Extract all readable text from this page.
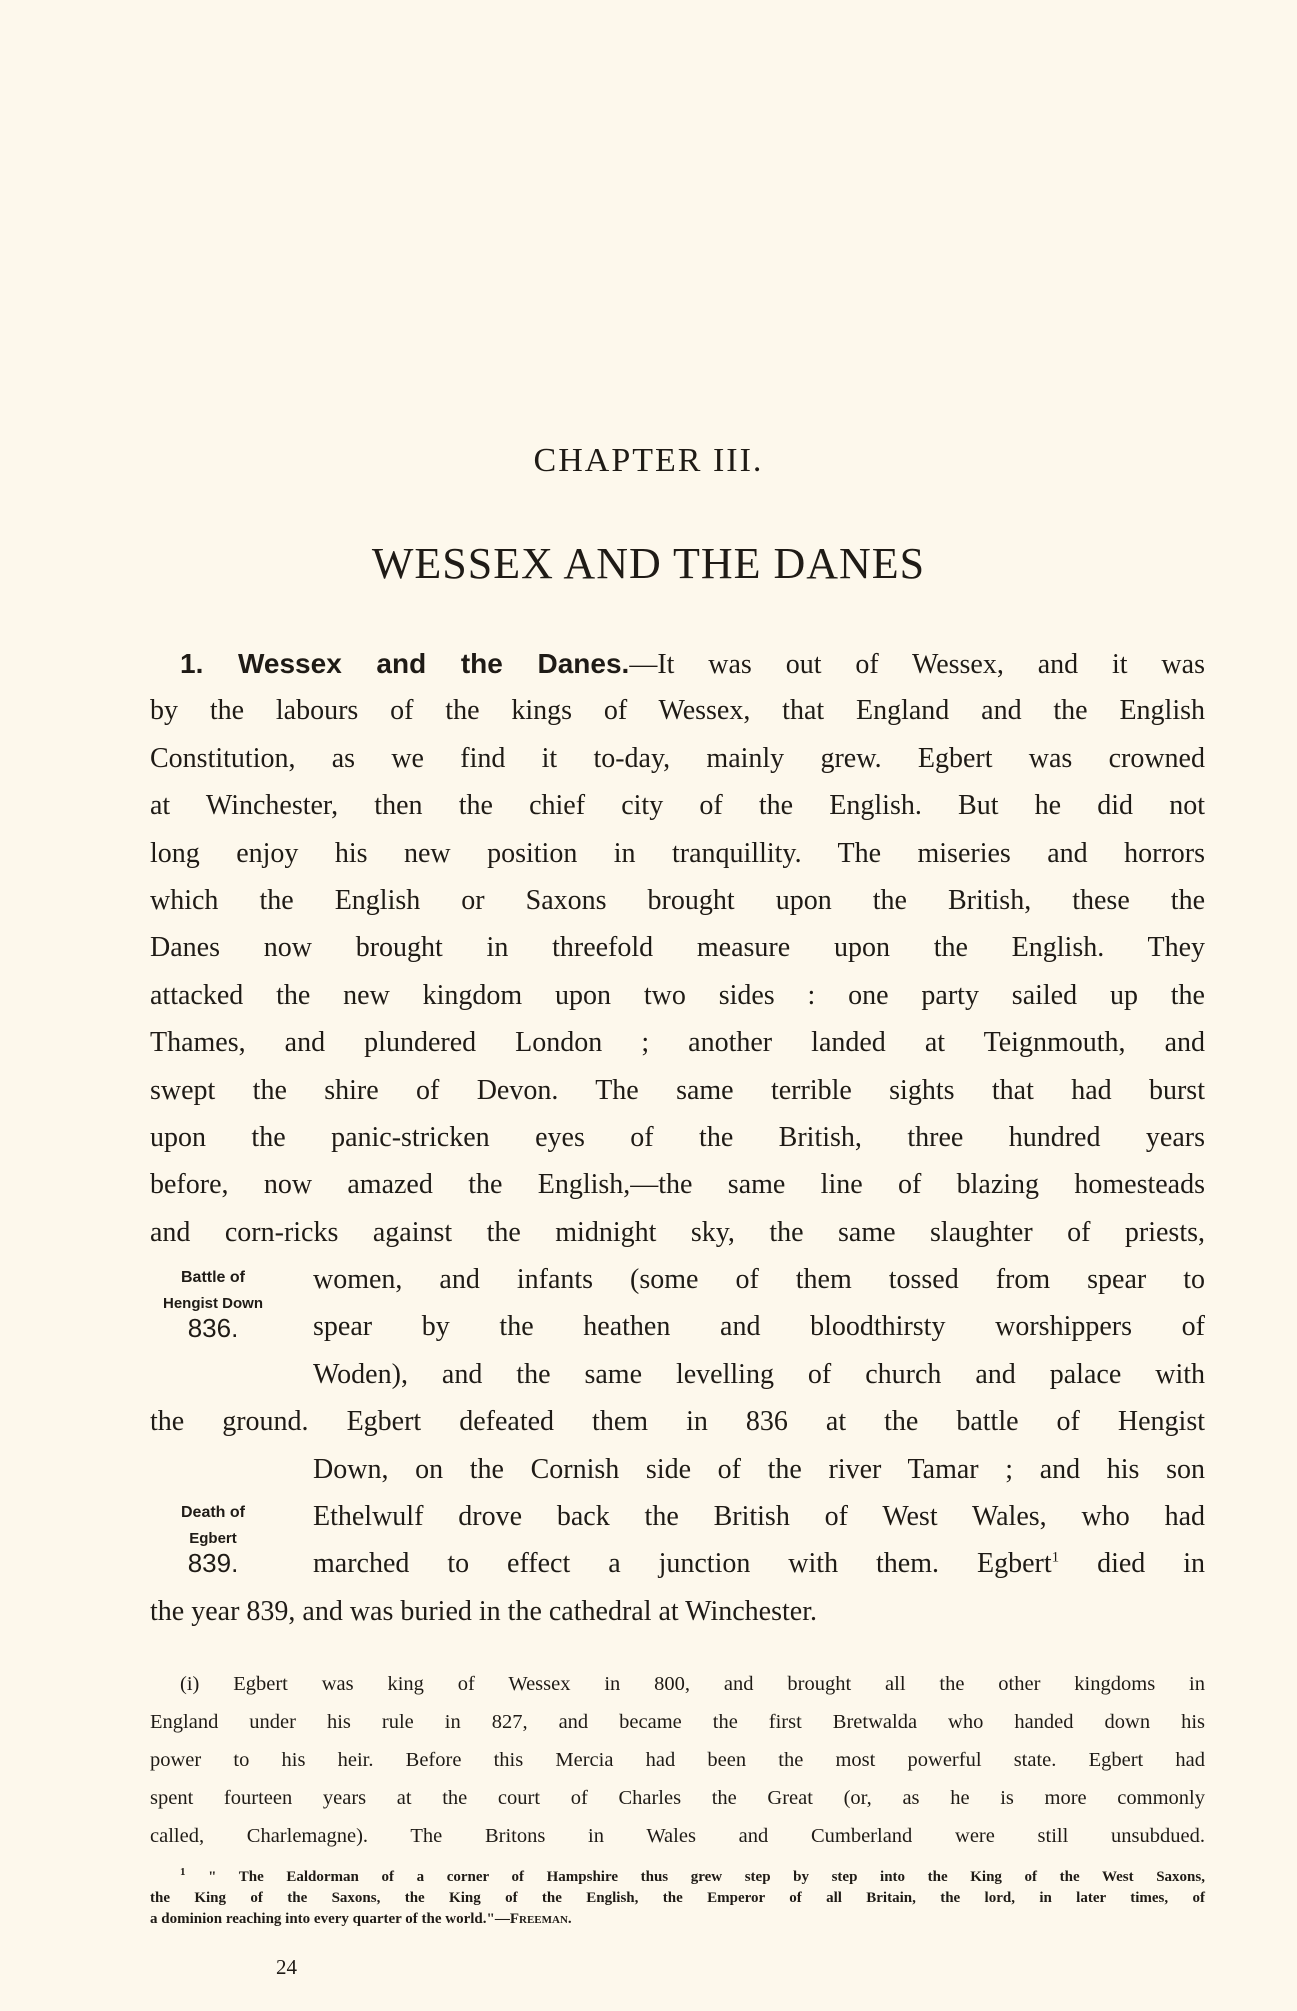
CHAPTER III.
WESSEX AND THE DANES
1. Wessex and the Danes.—It was out of Wessex, and it was
by the labours of the kings of Wessex, that England and the English
Constitution, as we find it to-day, mainly grew. Egbert was crowned
at Winchester, then the chief city of the English. But he did not
long enjoy his new position in tranquillity. The miseries and horrors
which the English or Saxons brought upon the British, these the
Danes now brought in threefold measure upon the English. They
attacked the new kingdom upon two sides : one party sailed up the
Thames, and plundered London ; another landed at Teignmouth, and
swept the shire of Devon. The same terrible sights that had burst
upon the panic-stricken eyes of the British, three hundred years
before, now amazed the English,—the same line of blazing homesteads
and corn-ricks against the midnight sky, the same slaughter of priests,
women, and infants (some of them tossed from spear to
spear by the heathen and bloodthirsty worshippers of
Woden), and the same levelling of church and palace with
the ground. Egbert defeated them in 836 at the battle of Hengist
Down, on the Cornish side of the river Tamar ; and his son
Ethelwulf drove back the British of West Wales, who had
marched to effect a junction with them. Egbert$^1$ died in
the year 839, and was buried in the cathedral at Winchester.
Battle of
Hengist Down
836.
Death of
Egbert
839.
(i) Egbert was king of Wessex in 800, and brought all the other kingdoms in
England under his rule in 827, and became the first Bretwalda who handed down his
power to his heir. Before this Mercia had been the most powerful state. Egbert had
spent fourteen years at the court of Charles the Great (or, as he is more commonly
called, Charlemagne). The Britons in Wales and Cumberland were still unsubdued.
$^1$ " The Ealdorman of a corner of Hampshire thus grew step by step into the King of the West Saxons,
the King of the Saxons, the King of the English, the Emperor of all Britain, the lord, in later times, of
a dominion reaching into every quarter of the world."—Freeman.
24
